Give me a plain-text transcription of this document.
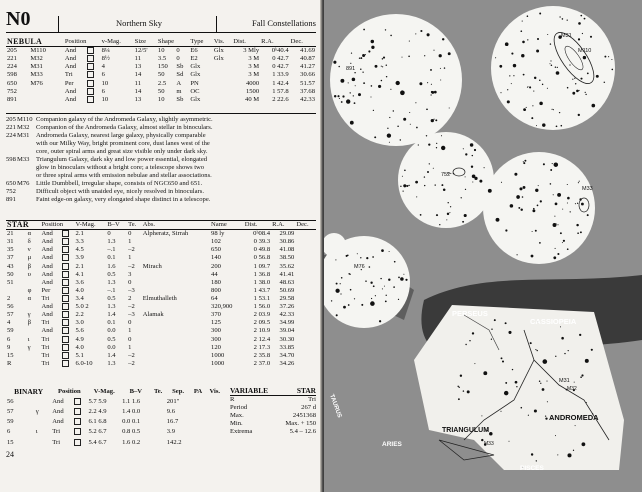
N0	Northern Sky	Fall Constellations
NEBULA		Position		v-Mag.	Size	Shape		Type	Vis.	Dist.	R.A.	Dec.
205	M110	And		8¼	12/5'	10	0	E6	Glx	3 Mly	0ʰ40.4	41.69
221	M32	And		8½	11	3.5	0	E2	Glx	3 M	0 42.7	40.87
224	M31	And		4	13	150	Sb	Glx		3 M	0 42.7	41.27
598	M33	Tri		6	14	50	Sd	Glx		3 M	1 33.9	30.66
650	M76	Per		10	11	2.5	A	PN		4000	1 42.4	51.57
752		And		6	14	50	m	OC		1500	1 57.8	37.68
891		And		10	13	10	Sb	Glx		40 M	2 22.6	42.33
205 M110 Companion galaxy of the Andromeda Galaxy, slightly asymmetric.
221 M32 Companion of the Andromeda Galaxy, almost stellar in binoculars.
224 M31 Andromeda Galaxy, nearest large galaxy, physically comparable
with our Milky Way, bright prominent core, dust lanes west of the
core, outer spiral arms and great size visible only under dark sky.
598 M33 Triangulum Galaxy, dark sky and low power essential, elongated
glow in binoculars without a bright core; a telescope shows two
or three spiral arms with emission nebulae and stellar associations.
650 M76 Little Dumbbell, irregular shape, consists of NGC650 and 651.
752	Difficult object with unaided eye, nicely resolved in binoculars.
891	Faint edge-on galaxy, very elongated shape distinct in a telescope.
STAR		Position		V-Mag.	B–V	Te.	Abs.	Name	Dist.	R.A.	Dec.
21	α	And		2.1	0	0	Alpheratz, Sirrah	98 ly	0ʰ08.4	29.09	
31	δ	And		3.3	1.3	1		102	0 39.3	30.86	
35	ν	And		4.5	–.1	–2		650	0 49.8	41.08	
37	μ	And		3.9	0.1	1		140	0 56.8	38.50	
43	β	And		2.1	1.6	–2	Mirach	200	1 09.7	35.62	
50	υ	And		4.1	0.5	3		44	1 36.8	41.41	
51		And		3.6	1.3	0		180	1 38.0	48.63	
	φ	Per		4.0	–.1	–3		800	1 43.7	50.69	
2	α	Tri		3.4	0.5	2	Elmuthalleth	64	1 53.1	29.58	
56		And		5.0 2	1.3	–2		320,900	1 56.0	37.26	
57	γ	And		2.2	1.4	–3	Alamak	370	2 03.9	42.33	
4	β	Tri		3.0	0.1	0		125	2 09.5	34.99	
59		And		5.6	0.0	1		300	2 10.9	39.04	
6	ι	Tri		4.9	0.5	0		300	2 12.4	30.30	
9	γ	Tri		4.0	0.0	1		120	2 17.3	33.85	
15		Tri		5.1	1.4	–2		1000	2 35.8	34.70	
R		Tri		6.0-10	1.3	–2		1000	2 37.0	34.26	
BINARY		Position		V-Mag.	B–V	Te.	Sep.	PA	Vis.
56		And		5.7 5.9	1.1 1.6		201"		
57	γ	And		2.2 4.9	1.4 0.0		9.6		
59		And		6.1 6.8	0.0 0.1		16.7		
6	ι	Tri		5.2 6.7	0.8 0.5		3.9		
15		Tri		5.4 6.7	1.6 0.2		142.2		
VARIABLE	STAR
R	Tri
Period	267 d
Max.	2451368
Min.	Max. + 150
Extrema	5.4 – 12.6
24
M31
M110
891
752
M33
M76
M31
M32
M33
PERSEUS
CASSIOPEIA
ANDROMEDA
TRIANGULUM
ARIES
PISCES
TAURUS
